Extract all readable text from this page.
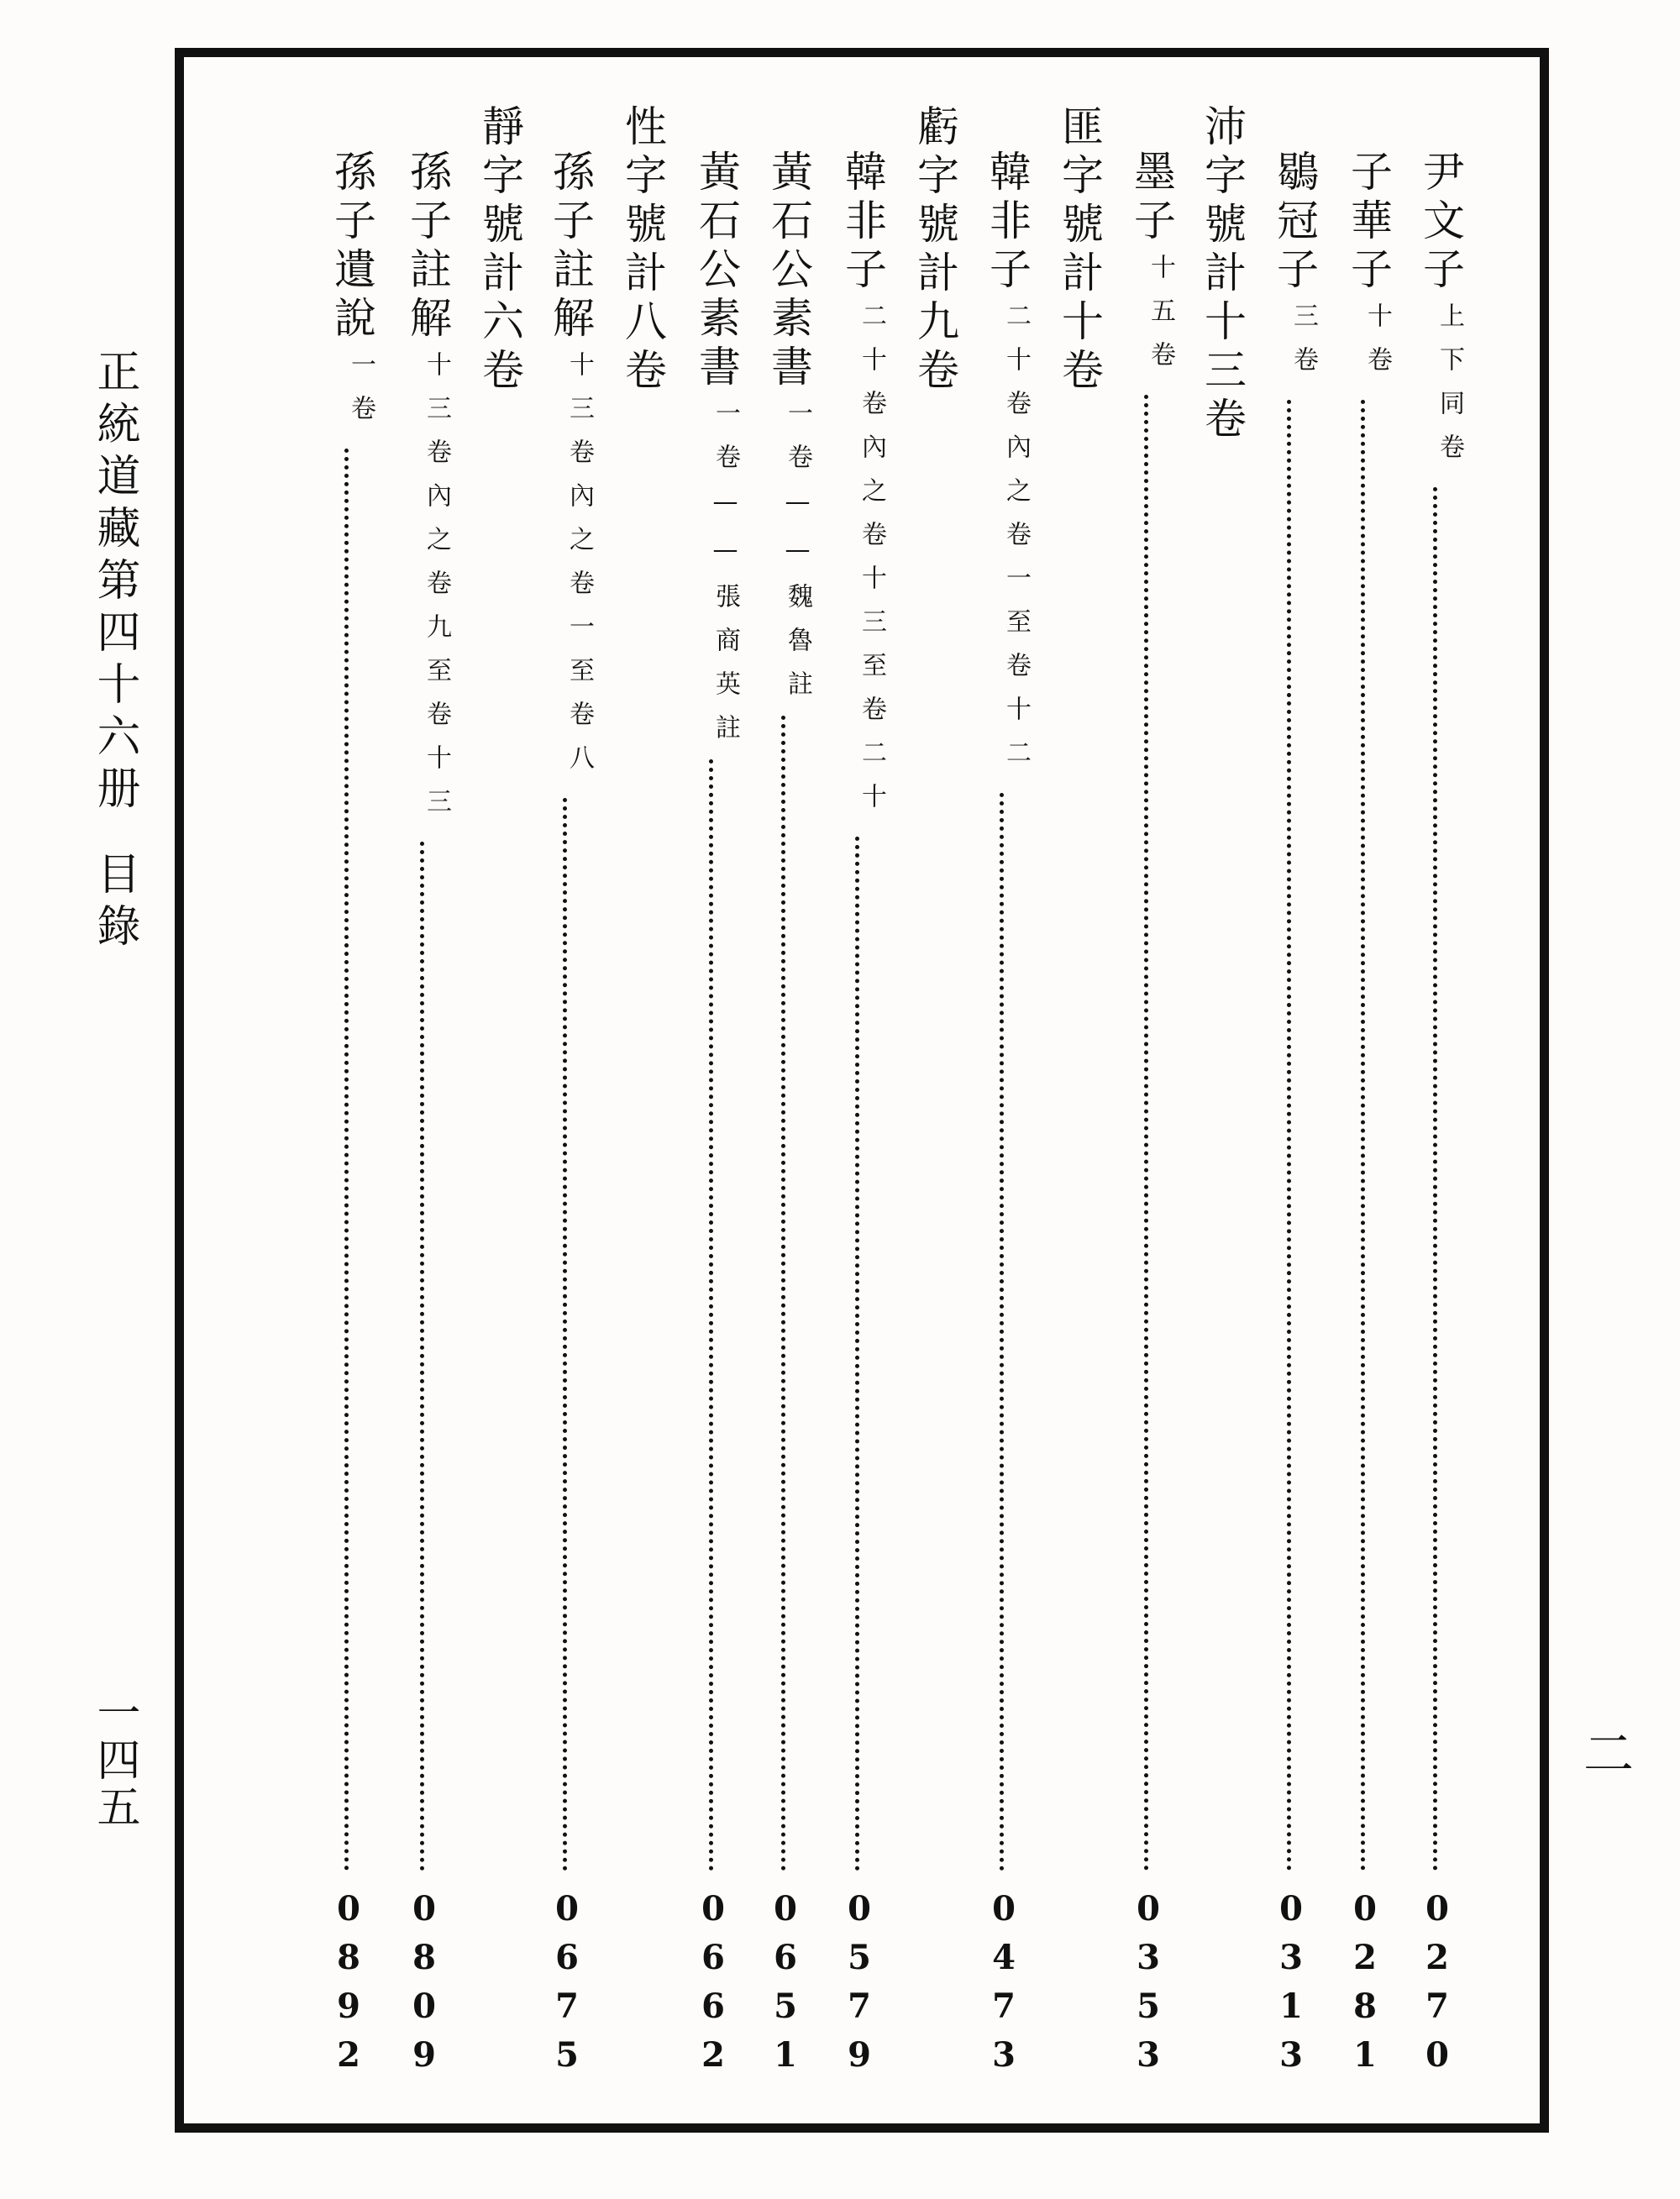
正統道藏第四十六册目錄
一四五	二
尹文子
上下同卷
0
2
7
0
子華子
十卷
0
2
8
1
鶡冠子
三卷
0
3
1
3
沛字號計十三卷
墨子
十五卷
0
3
5
3
匪字號計十卷
韓非子
二十卷內之卷一至卷十二
0
4
7
3
虧字號計九卷
韓非子
二十卷內之卷十三至卷二十
0
5
7
9
黃石公素書
一卷——魏魯註
0
6
5
1
黃石公素書
一卷——張商英註
0
6
6
2
性字號計八卷
孫子註解
十三卷內之卷一至卷八
0
6
7
5
靜字號計六卷
孫子註解
十三卷內之卷九至卷十三
0
8
0
9
孫子遺說
一卷
0
8
9
2
